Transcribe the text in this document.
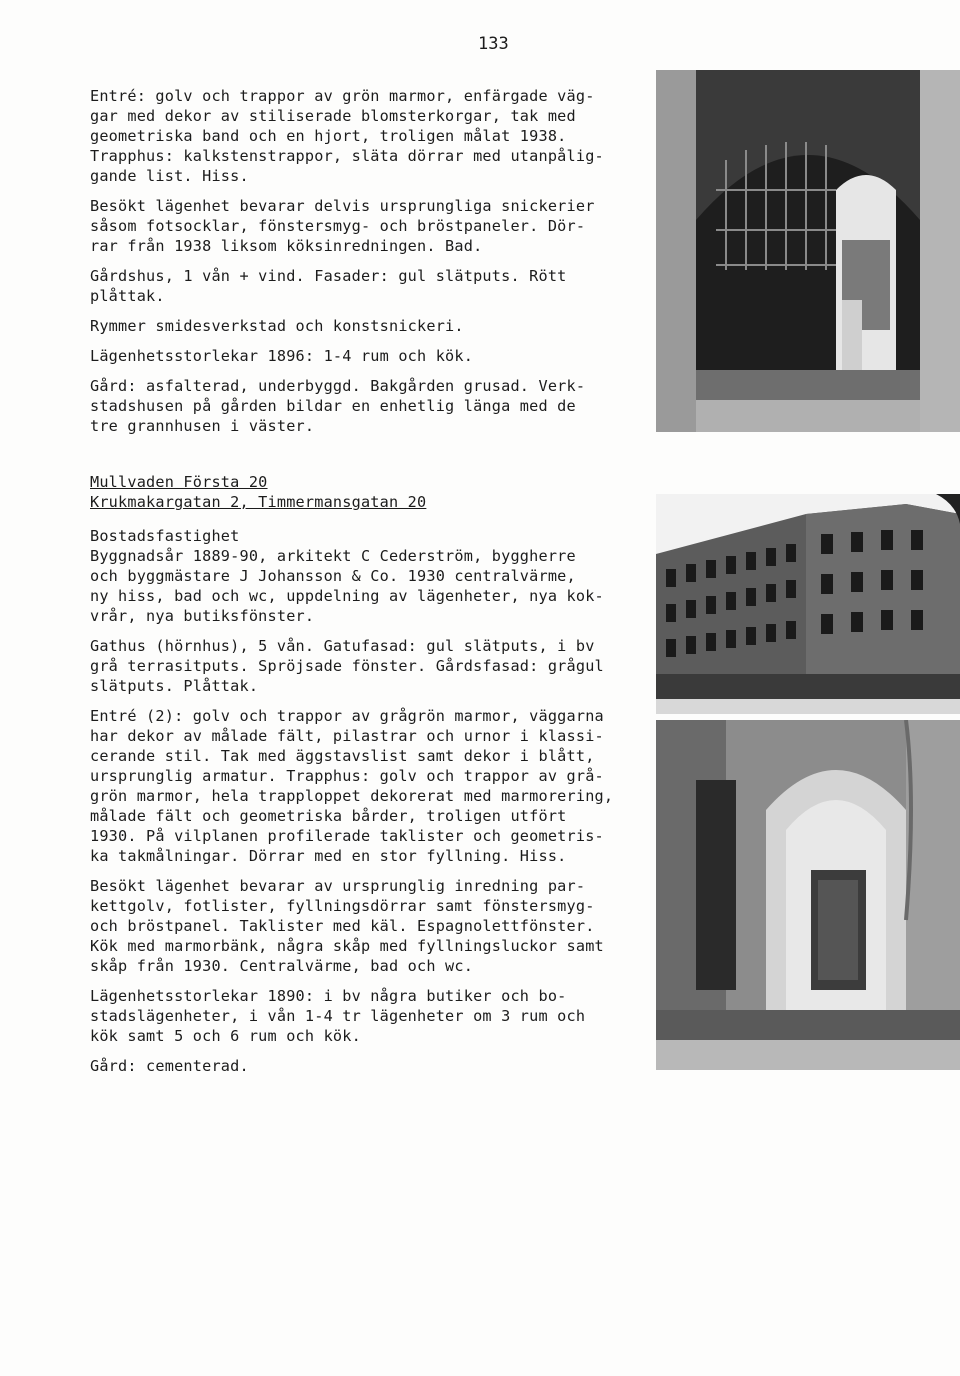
133

Entré: golv och trappor av grön marmor, enfärgade väg-
gar med dekor av stiliserade blomsterkorgar, tak med
geometriska band och en hjort, troligen målat 1938.
Trapphus: kalkstenstrappor, släta dörrar med utanpålig-
gande list. Hiss.

Besökt lägenhet bevarar delvis ursprungliga snickerier
såsom fotsocklar, fönstersmyg- och bröstpaneler. Dör-
rar från 1938 liksom köksinredningen. Bad.

Gårdshus, 1 vån + vind. Fasader: gul slätputs. Rött
plåttak.

Rymmer smidesverkstad och konstsnickeri.

Lägenhetsstorlekar 1896: 1-4 rum och kök.

Gård: asfalterad, underbyggd. Bakgården grusad. Verk-
stadshusen på gården bildar en enhetlig länga med de
tre grannhusen i väster.

Mullvaden Första 20

Krukmakargatan 2, Timmermansgatan 20

Bostadsfastighet
Byggnadsår 1889-90, arkitekt C Cederström, byggherre
och byggmästare J Johansson & Co. 1930 centralvärme,
ny hiss, bad och wc, uppdelning av lägenheter, nya kok-
vrår, nya butiksfönster.

Gathus (hörnhus), 5 vån. Gatufasad: gul slätputs, i bv
grå terrasitputs. Spröjsade fönster. Gårdsfasad: grågul
slätputs. Plåttak.

Entré (2): golv och trappor av grågrön marmor, väggarna
har dekor av målade fält, pilastrar och urnor i klassi-
cerande stil. Tak med äggstavslist samt dekor i blått,
ursprunglig armatur. Trapphus: golv och trappor av grå-
grön marmor, hela trapploppet dekorerat med marmorering,
målade fält och geometriska bårder, troligen utfört
1930. På vilplanen profilerade taklister och geometris-
ka takmålningar. Dörrar med en stor fyllning. Hiss.

Besökt lägenhet bevarar av ursprunglig inredning par-
kettgolv, fotlister, fyllningsdörrar samt fönstersmyg-
och bröstpanel. Taklister med käl. Espagnolettfönster.
Kök med marmorbänk, några skåp med fyllningsluckor samt
skåp från 1930. Centralvärme, bad och wc.

Lägenhetsstorlekar 1890: i bv några butiker och bo-
stadslägenheter, i vån 1-4 tr lägenheter om 3 rum och
kök samt 5 och 6 rum och kök.

Gård: cementerad.
